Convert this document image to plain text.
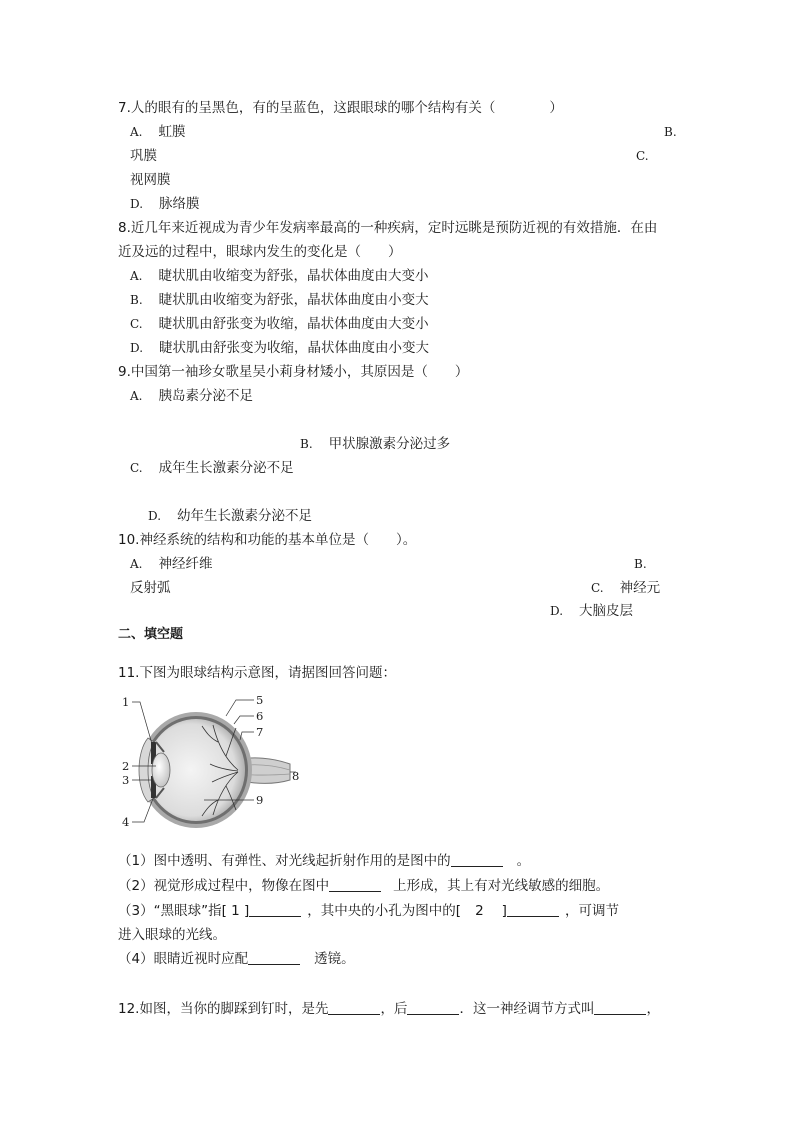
7.人的眼有的呈黑色，有的呈蓝色，这跟眼球的哪个结构有关（　　　　）
A. 虹膜	B.
巩膜	C.
视网膜
D. 脉络膜
8.近几年来近视成为青少年发病率最高的一种疾病，定时远眺是预防近视的有效措施．在由
近及远的过程中，眼球内发生的变化是（　　）
A. 睫状肌由收缩变为舒张，晶状体曲度由大变小
B. 睫状肌由收缩变为舒张，晶状体曲度由小变大
C. 睫状肌由舒张变为收缩，晶状体曲度由大变小
D. 睫状肌由舒张变为收缩，晶状体曲度由小变大
9.中国第一袖珍女歌星吴小莉身材矮小，其原因是（　　）
A. 胰岛素分泌不足
B. 甲状腺激素分泌过多
C. 成年生长激素分泌不足
D. 幼年生长激素分泌不足
10.神经系统的结构和功能的基本单位是（　　）。
A. 神经纤维	B.
反射弧	C. 神经元
D. 大脑皮层
二、填空题
11.下图为眼球结构示意图，请据图回答问题：
1
2
3
4
5
6
7
8
9
（1）图中透明、有弹性、对光线起折射作用的是图中的	。
（2）视觉形成过程中，物像在图中	上形成，其上有对光线敏感的细胞。
（3）“黑眼球”指[ 1 ]	，其中央的小孔为图中的[ 2 ]	，可调节
进入眼球的光线。
（4）眼睛近视时应配	透镜。
12.如图，当你的脚踩到钉时，是先	，后	．这一神经调节方式叫	，
